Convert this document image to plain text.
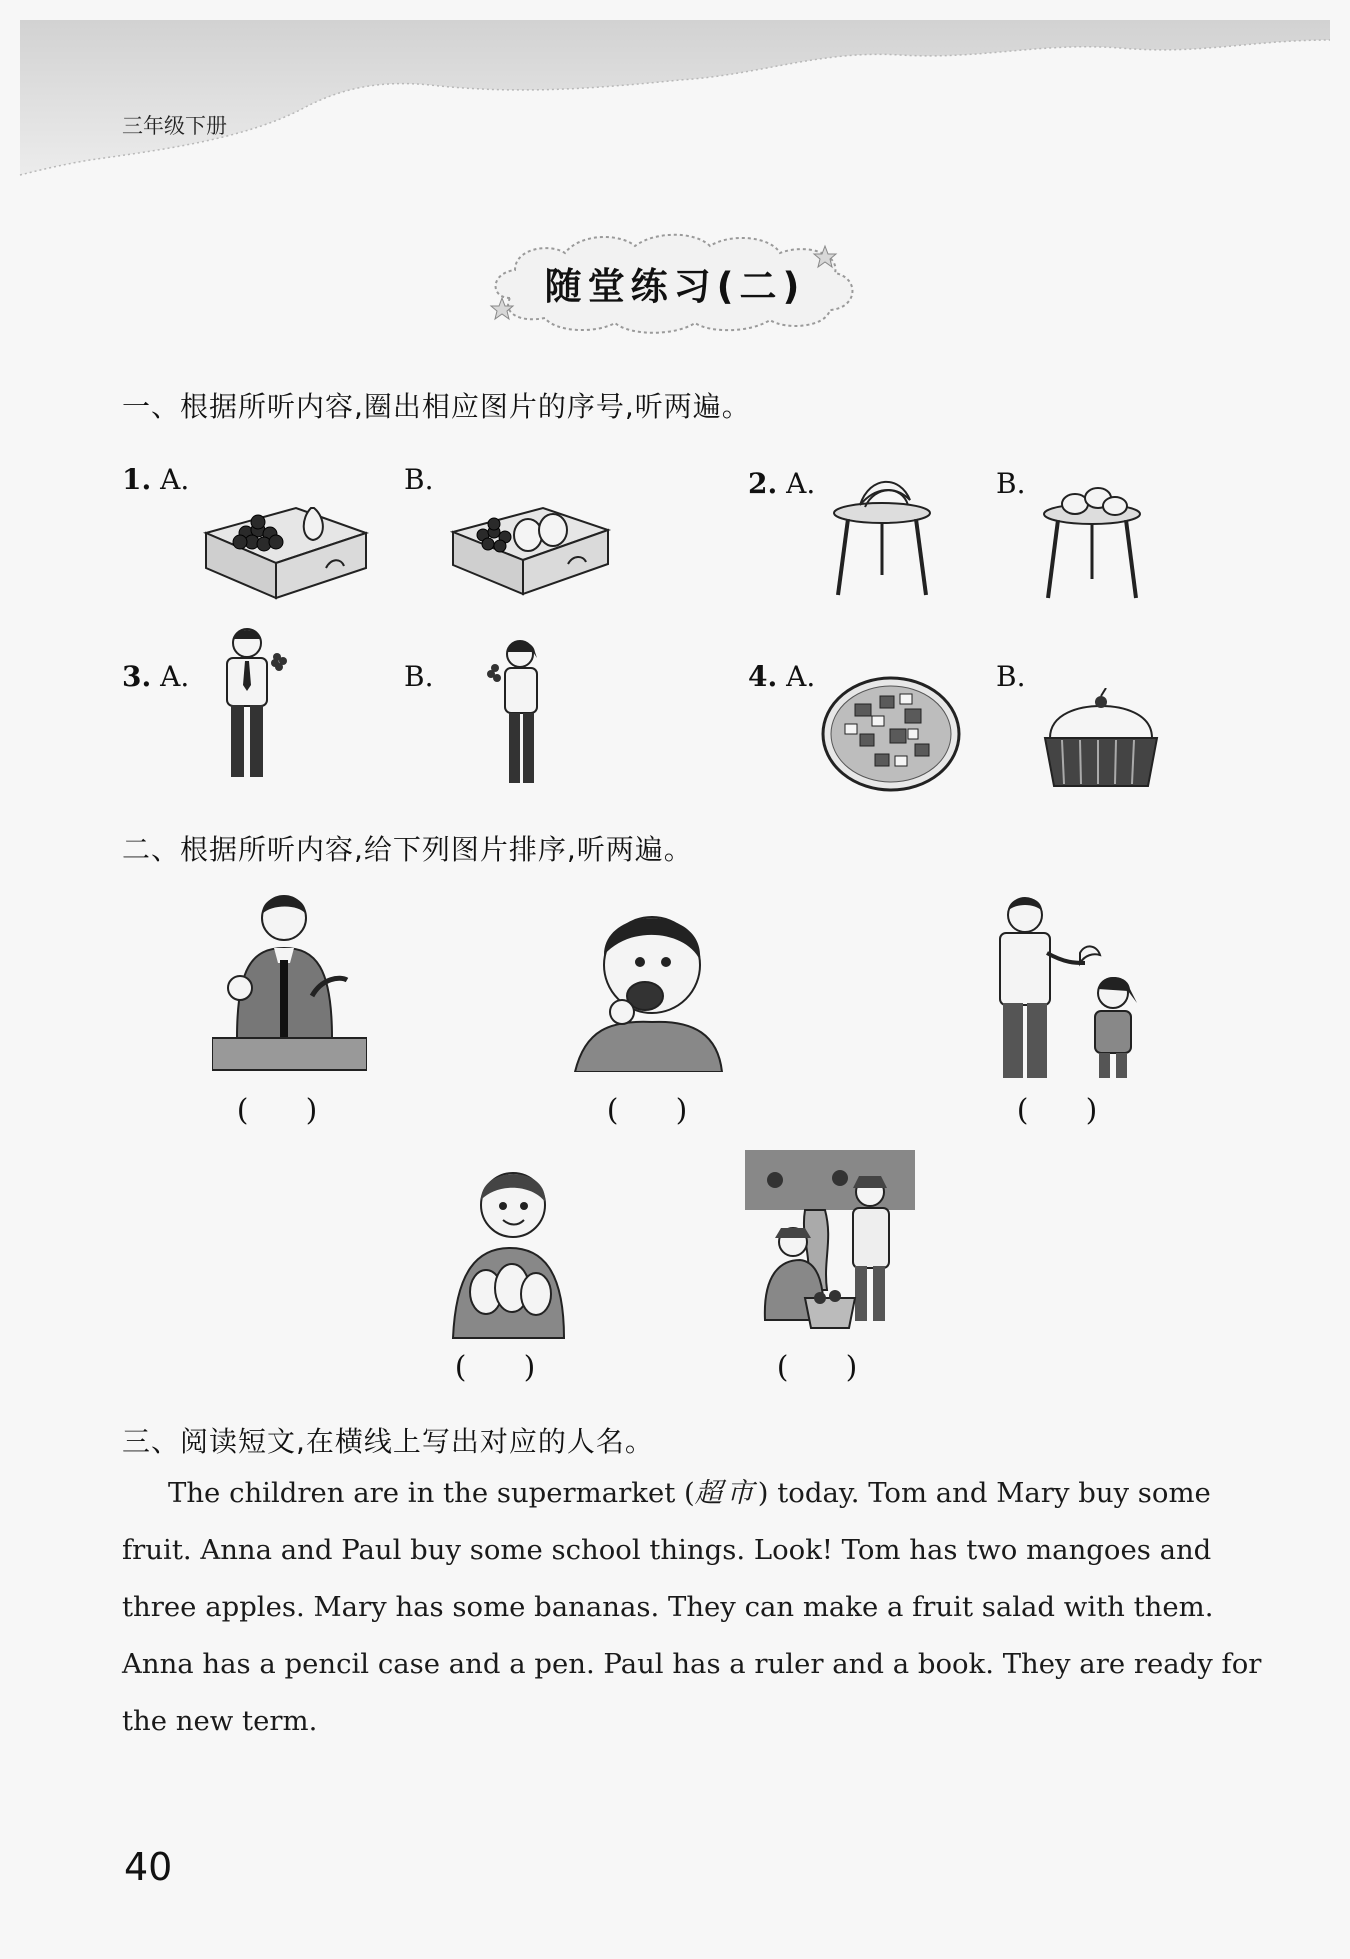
三年级下册
随堂练习(二)
一、根据所听内容,圈出相应图片的序号,听两遍。
1. A.	B.	2. A.	B.
3. A.	B.	4. A.	B.
二、根据所听内容,给下列图片排序,听两遍。
(      )	(      )	(      )
(      )	(      )
三、阅读短文,在横线上写出对应的人名。
The children are in the supermarket (超市) today. Tom and Mary buy some
fruit. Anna and Paul buy some school things. Look! Tom has two mangoes and
three apples. Mary has some bananas. They can make a fruit salad with them.
Anna has a pencil case and a pen. Paul has a ruler and a book. They are ready for
the new term.
40
